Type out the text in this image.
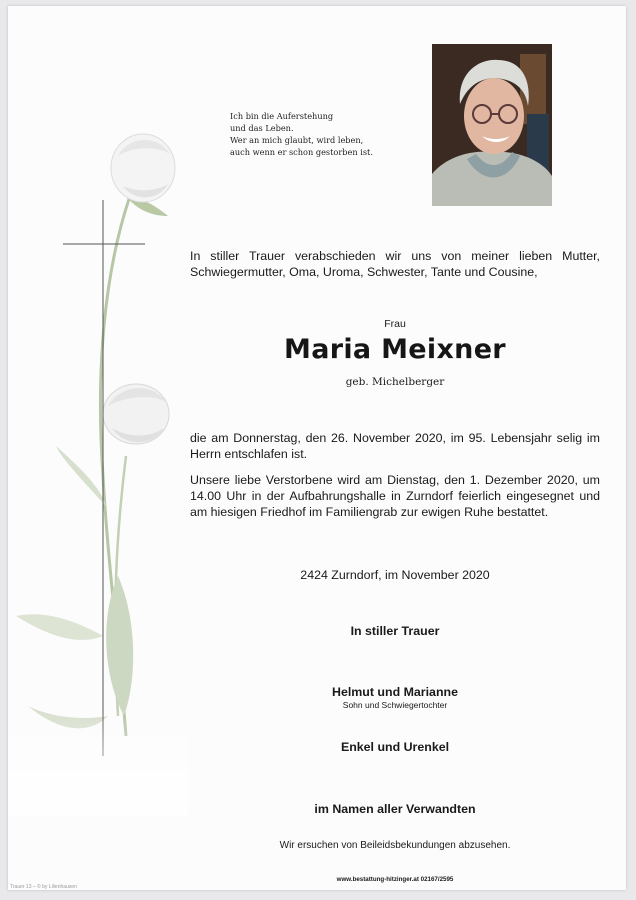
Ich bin die Auferstehung
und das Leben.
Wer an mich glaubt, wird leben,
auch wenn er schon gestorben ist.
In stiller Trauer verabschieden wir uns von meiner lieben Mutter,
Schwiegermutter, Oma, Uroma, Schwester, Tante und Cousine,
Frau
Maria Meixner
geb. Michelberger
die am Donnerstag, den 26. November 2020, im 95. Lebensjahr selig im Herrn entschlafen ist.
Unsere liebe Verstorbene wird am Dienstag, den 1. Dezember 2020, um 14.00 Uhr in der Aufbahrungshalle in Zurndorf feierlich eingesegnet und am hiesigen Friedhof im Familiengrab zur ewigen Ruhe bestattet.
2424 Zurndorf, im November 2020
In stiller Trauer
Helmut und Marianne
Sohn und Schwiegertochter
Enkel und Urenkel
im Namen aller Verwandten
Wir ersuchen von Beileidsbekundungen abzusehen.
www.bestattung-hitzinger.at 02167/2595
Trauer 13 – © by Lilienhausen
